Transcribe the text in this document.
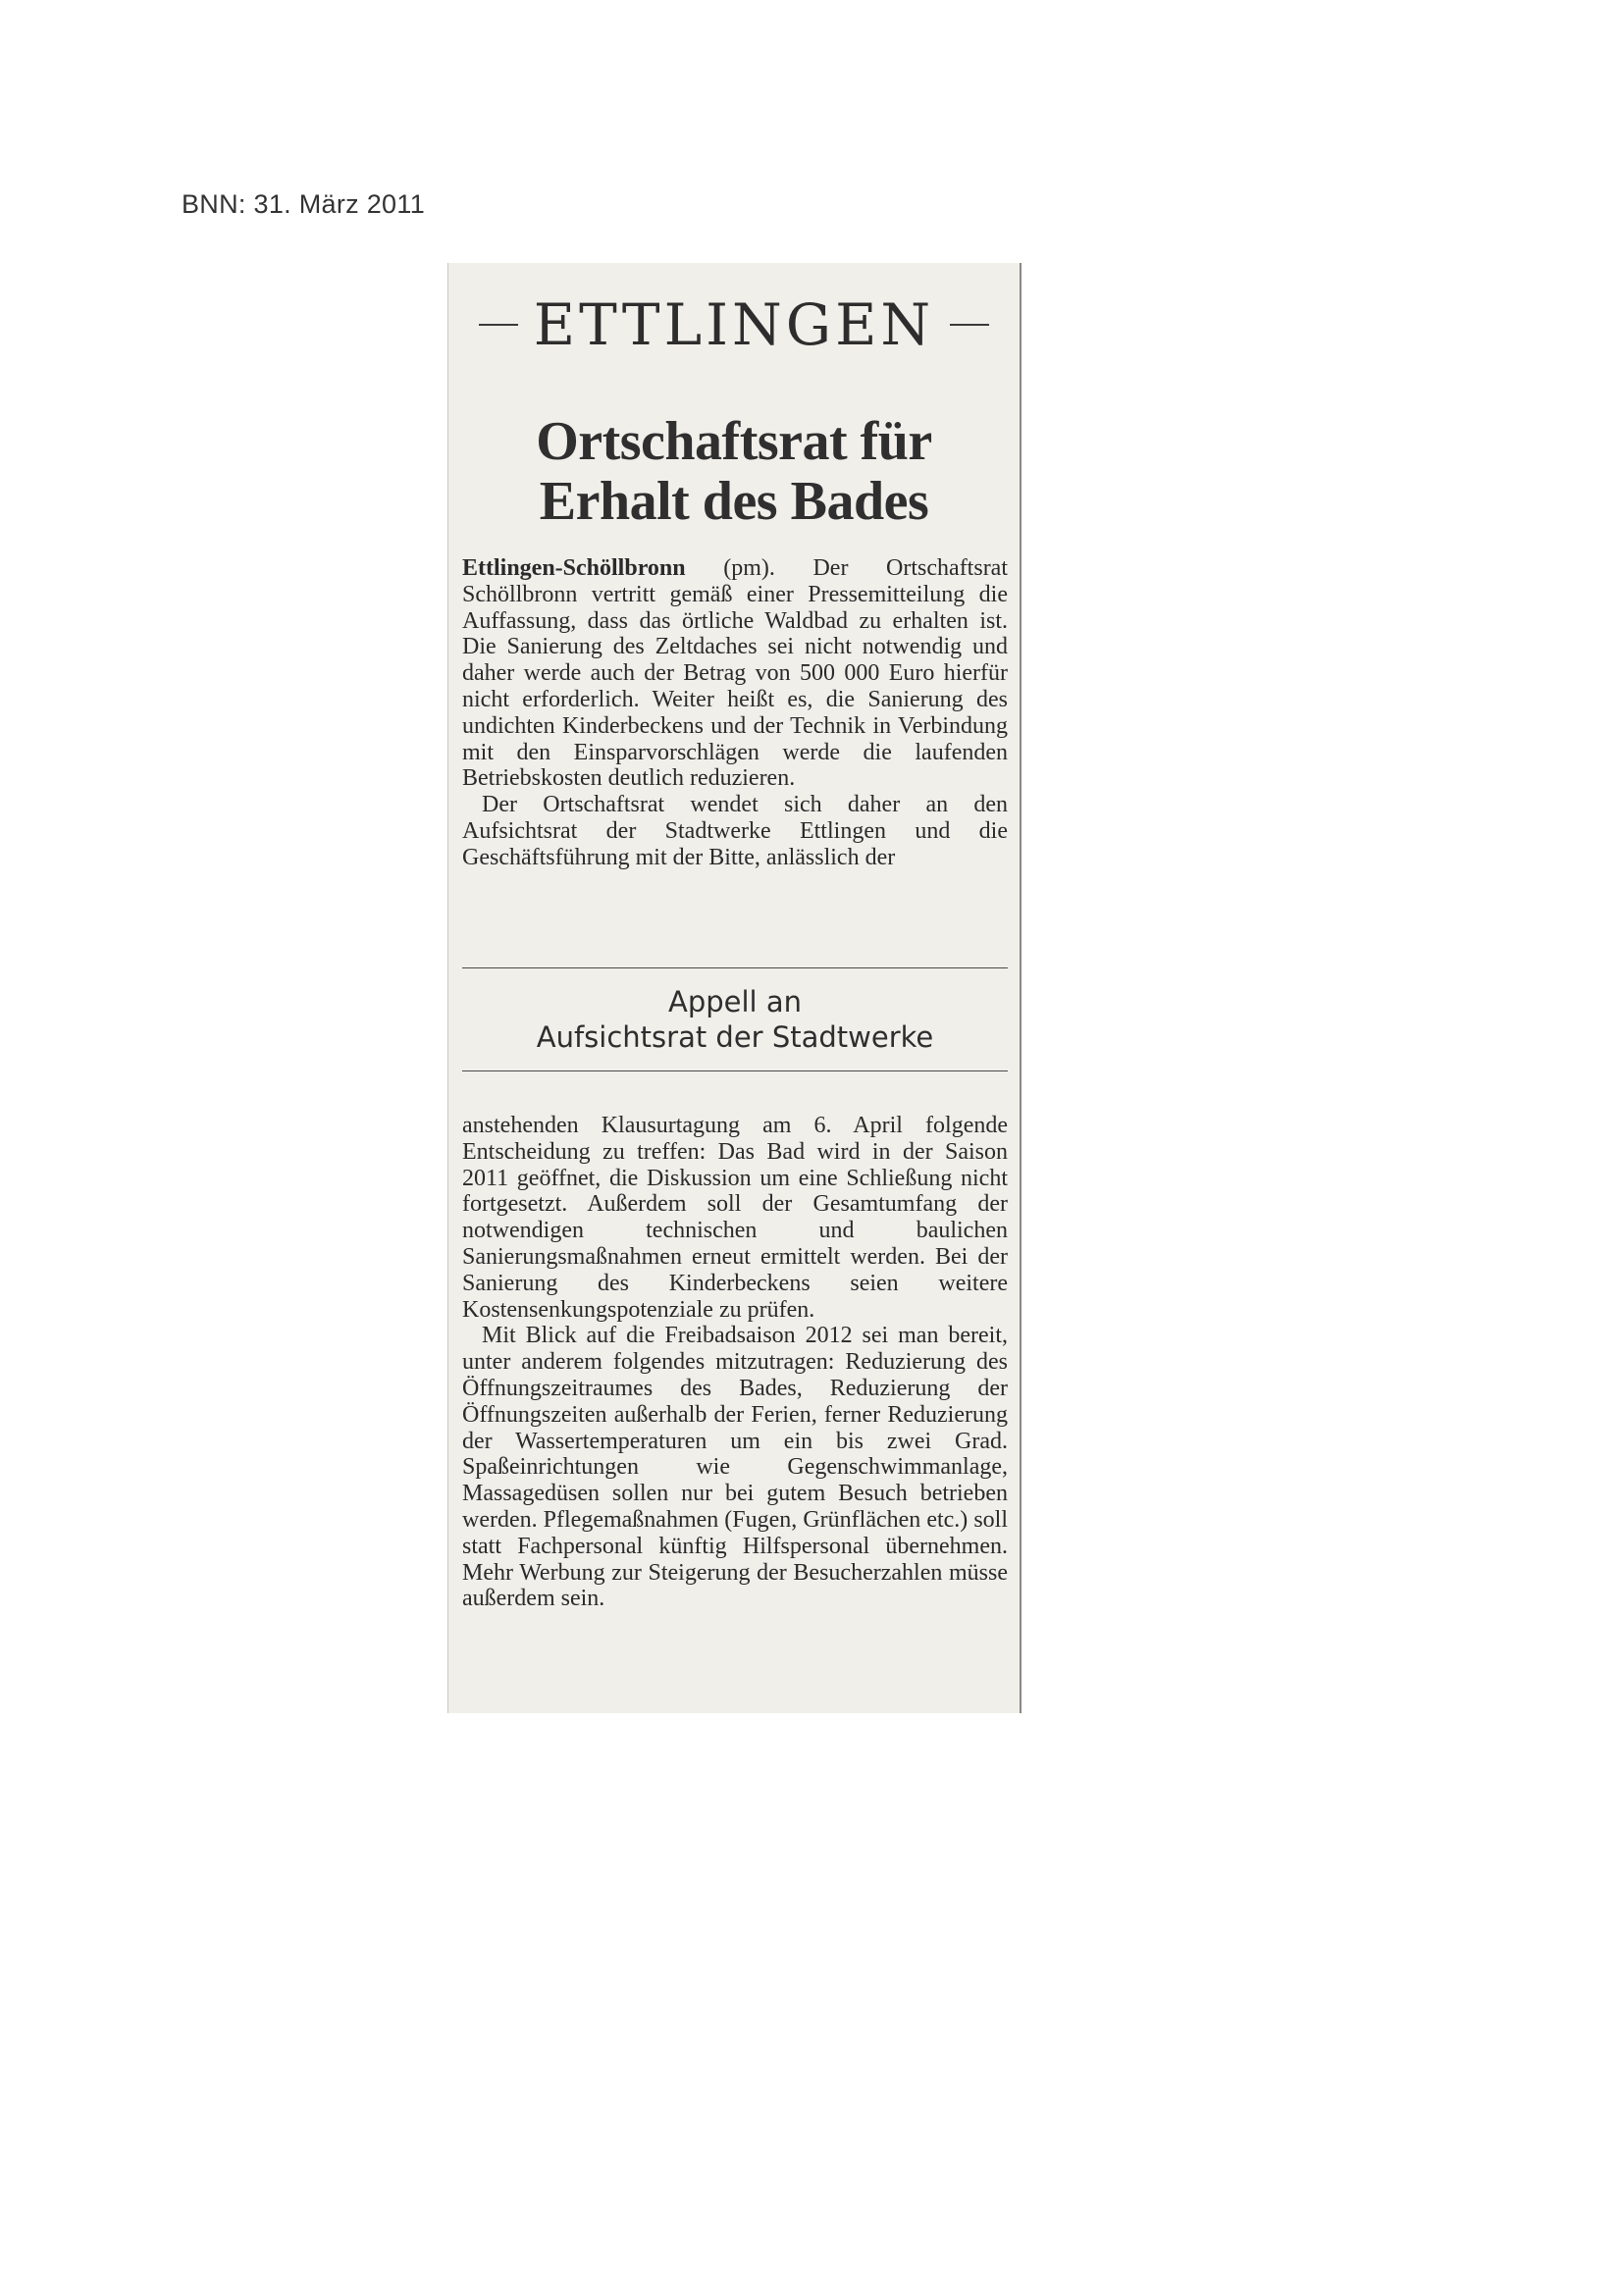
BNN: 31. März 2011
ETTLINGEN
Ortschaftsrat für
Erhalt des Bades

Ettlingen-Schöllbronn (pm). Der Ortschaftsrat Schöllbronn vertritt gemäß einer Pressemitteilung die Auffassung, dass das örtliche Waldbad zu erhalten ist. Die Sanierung des Zeltdaches sei nicht notwendig und daher werde auch der Betrag von 500 000 Euro hierfür nicht erforderlich. Weiter heißt es, die Sanierung des undichten Kinderbeckens und der Technik in Verbindung mit den Einsparvorschlägen werde die laufenden Betriebskosten deutlich reduzieren.

Der Ortschaftsrat wendet sich daher an den Aufsichtsrat der Stadtwerke Ettlingen und die Geschäftsführung mit der Bitte, anlässlich der

Appell an
Aufsichtsrat der Stadtwerke

anstehenden Klausurtagung am 6. April folgende Entscheidung zu treffen: Das Bad wird in der Saison 2011 geöffnet, die Diskussion um eine Schließung nicht fortgesetzt. Außerdem soll der Gesamtumfang der notwendigen technischen und baulichen Sanierungsmaßnahmen erneut ermittelt werden. Bei der Sanierung des Kinderbeckens seien weitere Kostensenkungspotenziale zu prüfen.

Mit Blick auf die Freibadsaison 2012 sei man bereit, unter anderem folgendes mitzutragen: Reduzierung des Öffnungszeitraumes des Bades, Reduzierung der Öffnungszeiten außerhalb der Ferien, ferner Reduzierung der Wassertemperaturen um ein bis zwei Grad. Spaßeinrichtungen wie Gegenschwimmanlage, Massagedüsen sollen nur bei gutem Besuch betrieben werden. Pflegemaßnahmen (Fugen, Grünflächen etc.) soll statt Fachpersonal künftig Hilfspersonal übernehmen. Mehr Werbung zur Steigerung der Besucherzahlen müsse außerdem sein.
